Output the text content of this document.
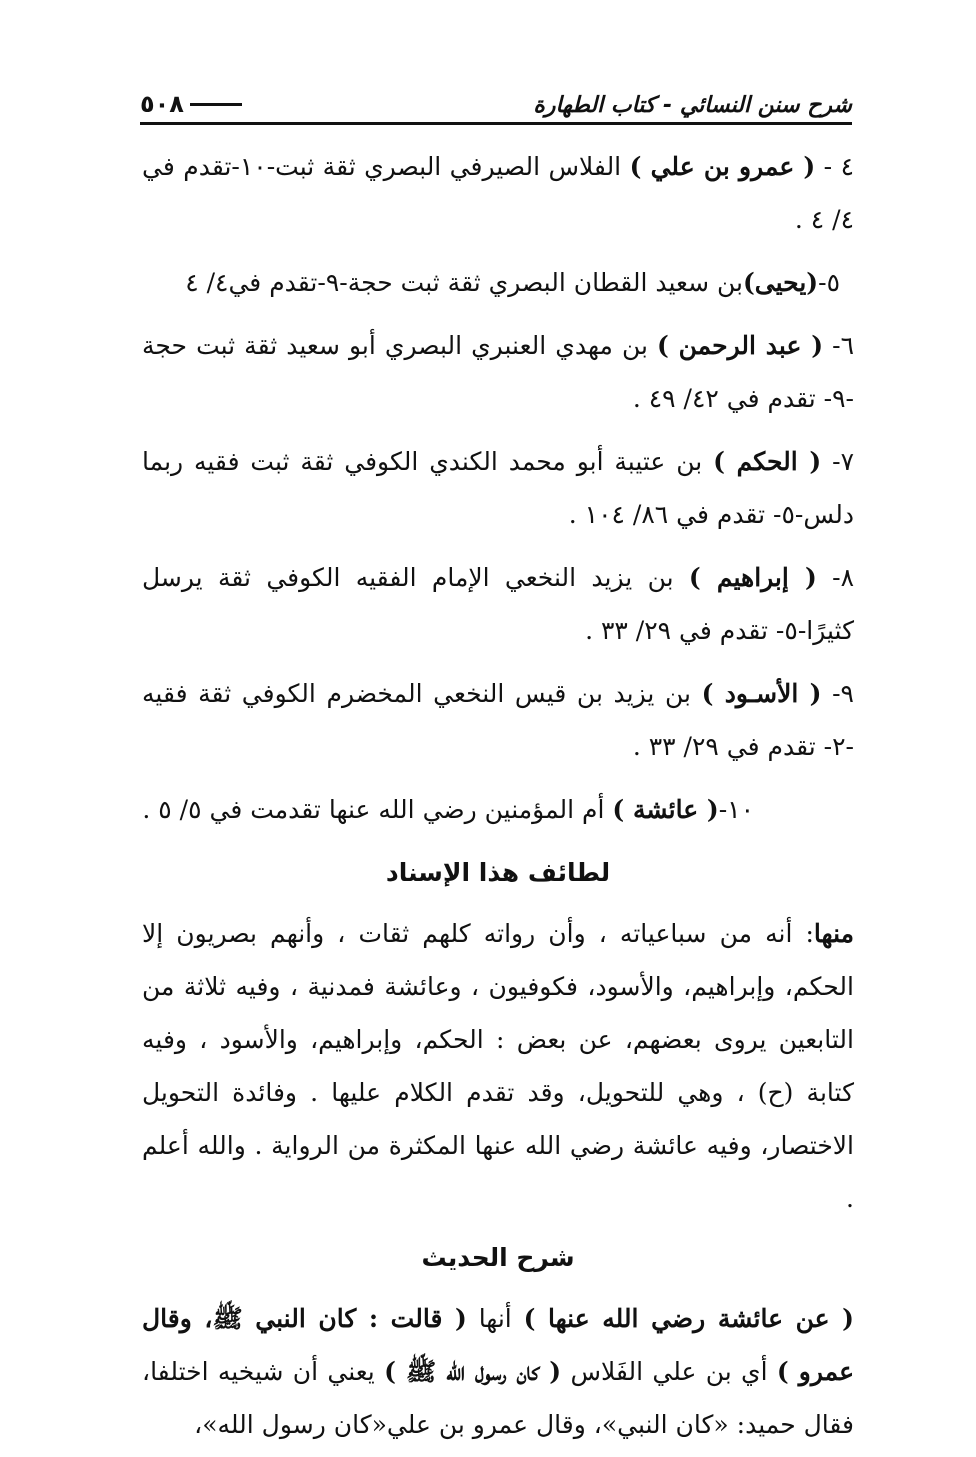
٥٠٨	شرح سنن النسائي - كتاب الطهارة
٤ - ( عمرو بن علي ) الفلاس الصيرفي البصري ثقة ثبت-١٠-تقدم في ٤/ ٤ .
٥-(يحيى)بن سعيد القطان البصري ثقة ثبت حجة-٩-تقدم في٤/ ٤
٦- ( عبد الرحمن ) بن مهدي العنبري البصري أبو سعيد ثقة ثبت حجة -٩- تقدم في ٤٢/ ٤٩ .
٧- ( الحكم ) بن عتيبة أبو محمد الكندي الكوفي ثقة ثبت فقيه ربما دلس-٥- تقدم في ٨٦/ ١٠٤ .
٨- ( إبراهيم ) بن يزيد النخعي الإمام الفقيه الكوفي ثقة يرسل كثيرًا-٥- تقدم في ٢٩/ ٣٣ .
٩- ( الأسـود ) بن يزيد بن قيس النخعي المخضرم الكوفي ثقة فقيه -٢- تقدم في ٢٩/ ٣٣ .
١٠-( عائشة ) أم المؤمنين رضي الله عنها تقدمت في ٥/ ٥ .
لطائف هذا الإسناد
منها: أنه من سباعياته ، وأن رواته كلهم ثقات ، وأنهم بصريون إلا الحكم، وإبراهيم، والأسود، فكوفيون ، وعائشة فمدنية ، وفيه ثلاثة من التابعين يروى بعضهم، عن بعض : الحكم، وإبراهيم، والأسود ، وفيه كتابة (ح) ، وهي للتحويل، وقد تقدم الكلام عليها . وفائدة التحويل الاختصار، وفيه عائشة رضي الله عنها المكثرة من الرواية . والله أعلم .
شرح الحديث
( عن عائشة رضي الله عنها ) أنها ( قالت : كان النبي ﷺ، وقال عمرو ) أي بن علي الفَلاس ( كان رسول الله ﷺ ) يعني أن شيخيه اختلفا، فقال حميد: «كان النبي»، وقال عمرو بن علي«كان رسول الله»،
